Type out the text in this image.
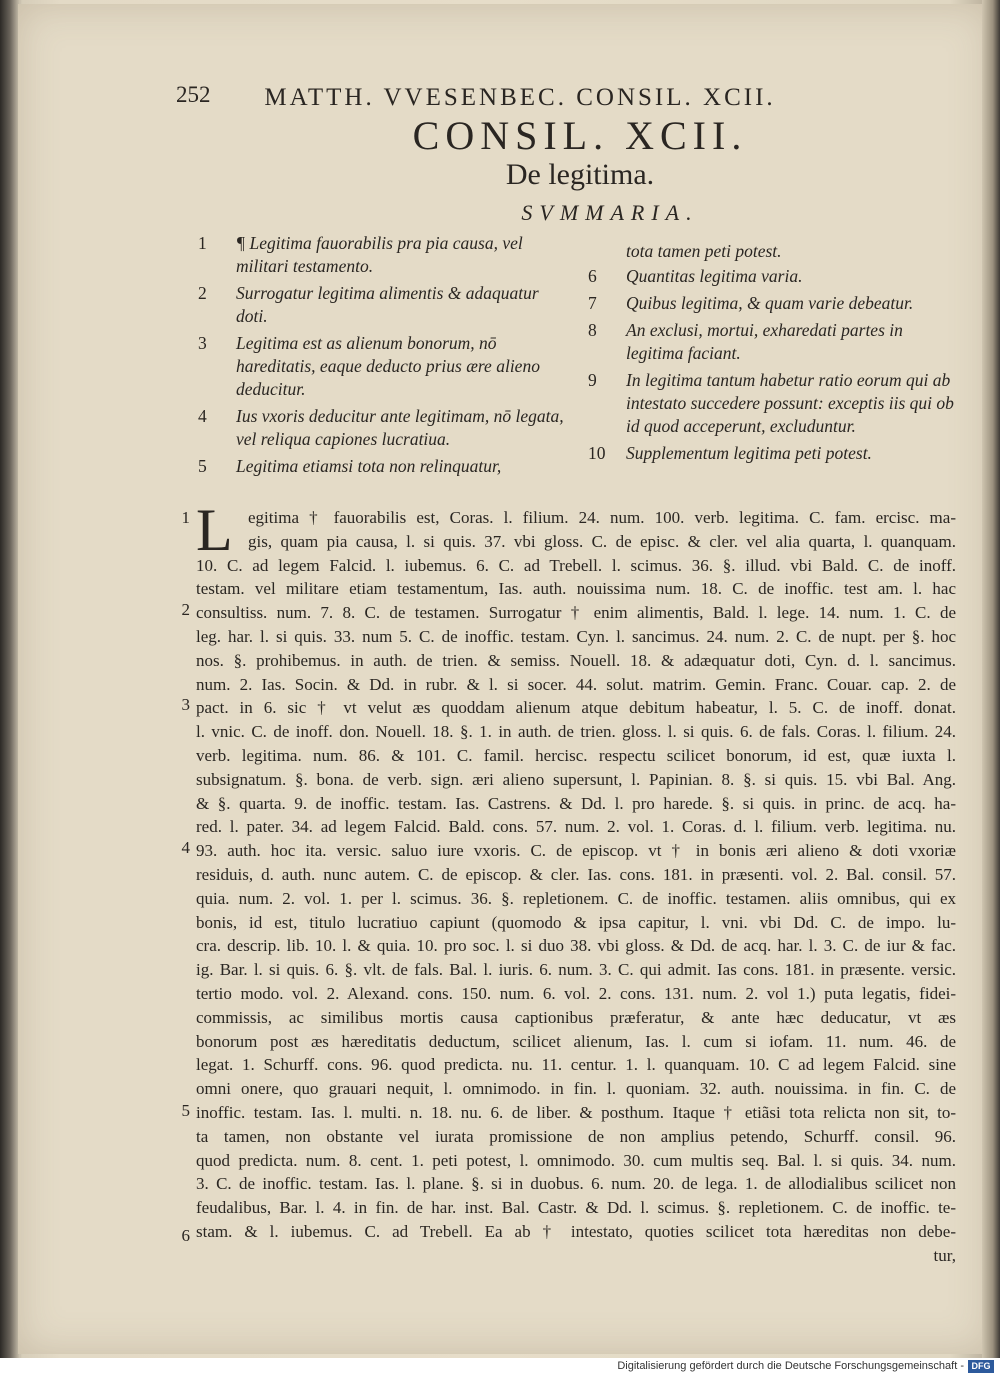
252	MATTH. VVESENBEC. CONSIL. XCII.
CONSIL. XCII.
De legitima.
SVMMARIA.
1	¶ Legitima fauorabilis pra pia causa, vel militari testamento.
2	Surrogatur legitima alimentis & adaquatur doti.
3	Legitima est as alienum bonorum, nō hareditatis, eaque deducto prius ære alieno deducitur.
4	Ius vxoris deducitur ante legitimam, nō legata, vel reliqua capiones lucratiua.
5	Legitima etiamsi tota non relinquatur,
tota tamen peti potest.
6	Quantitas legitima varia.
7	Quibus legitima, & quam varie debeatur.
8	An exclusi, mortui, exharedati partes in legitima faciant.
9	In legitima tantum habetur ratio eorum qui ab intestato succedere possunt: exceptis iis qui ob id quod acceperunt, excluduntur.
10	Supplementum legitima peti potest.
L egitima † fauorabilis est, Coras. l. filium. 24. num. 100. verb. legitima. C. fam. ercisc. ma-
gis, quam pia causa, l. si quis. 37. vbi gloss. C. de episc. & cler. vel alia quarta, l. quanquam.
10. C. ad legem Falcid. l. iubemus. 6. C. ad Trebell. l. scimus. 36. §. illud. vbi Bald. C. de inoff.
testam. vel militare etiam testamentum, Ias. auth. nouissima num. 18. C. de inoffic. test am. l. hac
consultiss. num. 7. 8. C. de testamen. Surrogatur † enim alimentis, Bald. l. lege. 14. num. 1. C. de
leg. har. l. si quis. 33. num 5. C. de inoffic. testam. Cyn. l. sancimus. 24. num. 2. C. de nupt. per §. hoc
nos. §. prohibemus. in auth. de trien. & semiss. Nouell. 18. & adæquatur doti, Cyn. d. l. sancimus.
num. 2. Ias. Socin. & Dd. in rubr. & l. si socer. 44. solut. matrim. Gemin. Franc. Couar. cap. 2. de
pact. in 6. sic † vt velut æs quoddam alienum atque debitum habeatur, l. 5. C. de inoff. donat.
l. vnic. C. de inoff. don. Nouell. 18. §. 1. in auth. de trien. gloss. l. si quis. 6. de fals. Coras. l. filium. 24.
verb. legitima. num. 86. & 101. C. famil. hercisc. respectu scilicet bonorum, id est, quæ iuxta l.
subsignatum. §. bona. de verb. sign. æri alieno supersunt, l. Papinian. 8. §. si quis. 15. vbi Bal. Ang.
& §. quarta. 9. de inoffic. testam. Ias. Castrens. & Dd. l. pro harede. §. si quis. in princ. de acq. ha-
red. l. pater. 34. ad legem Falcid. Bald. cons. 57. num. 2. vol. 1. Coras. d. l. filium. verb. legitima. nu.
93. auth. hoc ita. versic. saluo iure vxoris. C. de episcop. vt † in bonis æri alieno & doti vxoriæ
residuis, d. auth. nunc autem. C. de episcop. & cler. Ias. cons. 181. in præsenti. vol. 2. Bal. consil. 57.
quia. num. 2. vol. 1. per l. scimus. 36. §. repletionem. C. de inoffic. testamen. aliis omnibus, qui ex
bonis, id est, titulo lucratiuo capiunt (quomodo & ipsa capitur, l. vni. vbi Dd. C. de impo. lu-
cra. descrip. lib. 10. l. & quia. 10. pro soc. l. si duo 38. vbi gloss. & Dd. de acq. har. l. 3. C. de iur & fac.
ig. Bar. l. si quis. 6. §. vlt. de fals. Bal. l. iuris. 6. num. 3. C. qui admit. Ias cons. 181. in præsente. versic.
tertio modo. vol. 2. Alexand. cons. 150. num. 6. vol. 2. cons. 131. num. 2. vol 1.) puta legatis, fidei-
commissis, ac similibus mortis causa captionibus præferatur, & ante hæc deducatur, vt æs
bonorum post æs hæreditatis deductum, scilicet alienum, Ias. l. cum si iofam. 11. num. 46. de
legat. 1. Schurff. cons. 96. quod predicta. nu. 11. centur. 1. l. quanquam. 10. C ad legem Falcid. sine
omni onere, quo grauari nequit, l. omnimodo. in fin. l. quoniam. 32. auth. nouissima. in fin. C. de
inoffic. testam. Ias. l. multi. n. 18. nu. 6. de liber. & posthum. Itaque † etiãsi tota relicta non sit, to-
ta tamen, non obstante vel iurata promissione de non amplius petendo, Schurff. consil. 96.
quod predicta. num. 8. cent. 1. peti potest, l. omnimodo. 30. cum multis seq. Bal. l. si quis. 34. num.
3. C. de inoffic. testam. Ias. l. plane. §. si in duobus. 6. num. 20. de lega. 1. de allodialibus scilicet non
feudalibus, Bar. l. 4. in fin. de har. inst. Bal. Castr. & Dd. l. scimus. §. repletionem. C. de inoffic. te-
stam. & l. iubemus. C. ad Trebell. Ea ab † intestato, quoties scilicet tota hæreditas non debe-
tur,
1
2
3
4
5
6
Digitalisierung gefördert durch die Deutsche Forschungsgemeinschaft - DFG
